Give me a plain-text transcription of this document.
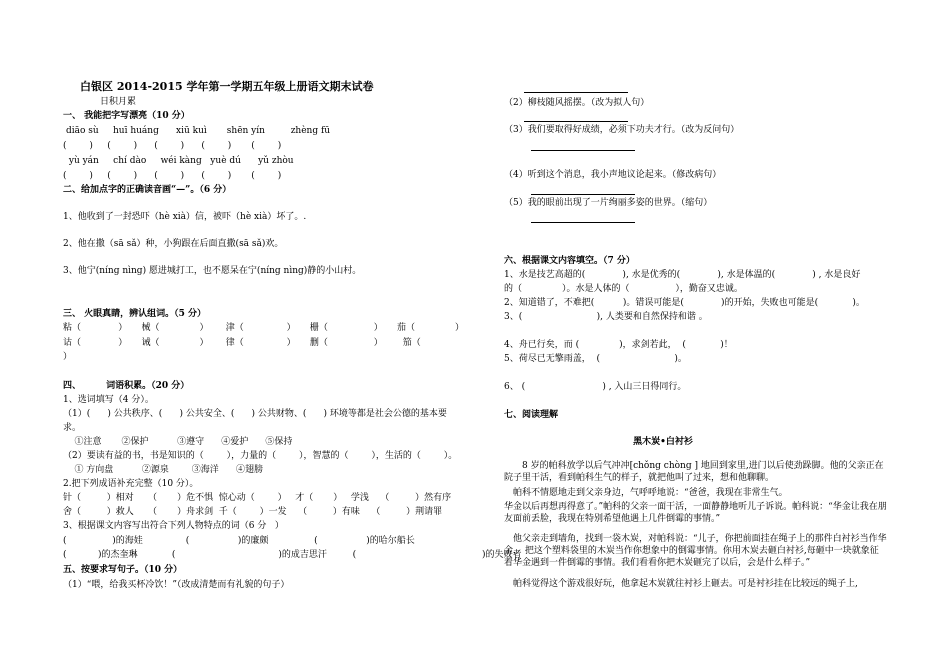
白银区 2014-2015 学年第一学期五年级上册语文期末试卷
日积月累
一、 我能把字写漂亮（10 分）
diāo sù     huī huáng      xiū kuì       shēn yín         zhèng fū
(        )     (        )      (        )      (        )       (        )
yù yán     chí dào     wéi kàng   yuè dú      yǔ zhòu
(        )     (        )      (        )      (        )       (        )
二、给加点字的正确读音画“—”。（6 分）
1、他收到了一封恐吓（hè xià）信，被吓（hè xià）坏了。.
2、他在撒（sā sǎ）种，小狗跟在后面直撒(sā sǎ)欢。
3、他宁(níng nìng) 愿进城打工，也不愿呆在宁(níng nìng)静的小山村。
三、 火眼真睛，辨认组词。（5 分）
粘（             ）     械（              ）      津（               ）     栅（                ）     茄（              ）
诂（             ）     诫（              ）      律（               ）     删（                ）       笳（
）
四、        词语积累。（20 分）
1、选词填写（4 分）。
（1）(      ) 公共秩序、(      ) 公共安全、(      ) 公共财物、(      ) 环境等都是社会公德的基本要
求。
①注意       ②保护          ③遵守      ④爱护      ⑤保持
（2）要读有益的书，书是知识的（        ），力量的（        ），智慧的（        ），生活的（        ）。
① 方向盘          ②源泉        ③海洋      ④翅膀
2.把下列成语补充完整（10 分）。
针（         ）相对     （       ）危不惧  惊心动（        ）   才（       ）   学浅    （         ）然有序
舍（         ）救人     （       ）舟求剑  千（        ）一发    （         ）有味    （         ）荆请罪
3、根据课文内容写出符合下列人物特点的词（6 分   ）
(                )的海娃               (                 )的廉颇                (                 )的哈尔船长
(           )的杰奎琳            (                                    )的成吉思汗         (                                            )的失败者
五、按要求写句子。（10 分）
（1）“喂，给我买杯冷饮！”（改成清楚而有礼貌的句子）
（2）柳枝随风摇摆。（改为拟人句）
（3）我们要取得好成绩，必须下功夫才行。（改为反问句）
（4）听到这个消息，我小声地议论起来。（修改病句）
（5）我的眼前出现了一片绚丽多姿的世界。（缩句）
六、根据课文内容填空。（7 分）
1、水是技艺高超的(             ), 水是优秀的(             ), 水是体温的(             ) , 水是良好
的（              ）。水是人体的（                ），勤奋又忠诚。
2、知道错了，不难把(          )。错误可能是(             )的开始，失败也可能是(            )。
3、(                          ), 人类要和自然保持和谐 。
4、舟已行矣，而 (              )，求剑若此，  (            )！
5、荷尽已无擎雨盖，  (                          )。
6、 (                           ) , 入山三日得同行。
七、阅读理解
黑木炭•白衬衫
8 岁的帕科放学以后气冲冲[chǒng chòng ] 地回到家里,进门以后使劲跺脚。他的父亲正在院子里干活，看到帕科生气的样子，就把他叫了过来，想和他聊聊。
帕科不情愿地走到父亲身边，气呼呼地说：“爸爸，我现在非常生气。
华金以后再想再得意了。”帕科的父亲一面干活，一面静静地听儿子诉说。帕科说：“华金让我在朋友面前丢脸，我现在特别希望他遇上几件倒霉的事情。”
他父亲走到墙角，找到一袋木炭，对帕科说：“儿子，你把前面挂在绳子上的那件白衬衫当作华金， 把这个塑料袋里的木炭当作你想象中的倒霉事情。你用木炭去砸白衬衫,每砸中一块就象征着华金遇到一件倒霉的事情。我们看看你把木炭砸完了以后，会是什么样子。”
帕科觉得这个游戏很好玩，他拿起木炭就往衬衫上砸去。可是衬衫挂在比较远的绳子上,
